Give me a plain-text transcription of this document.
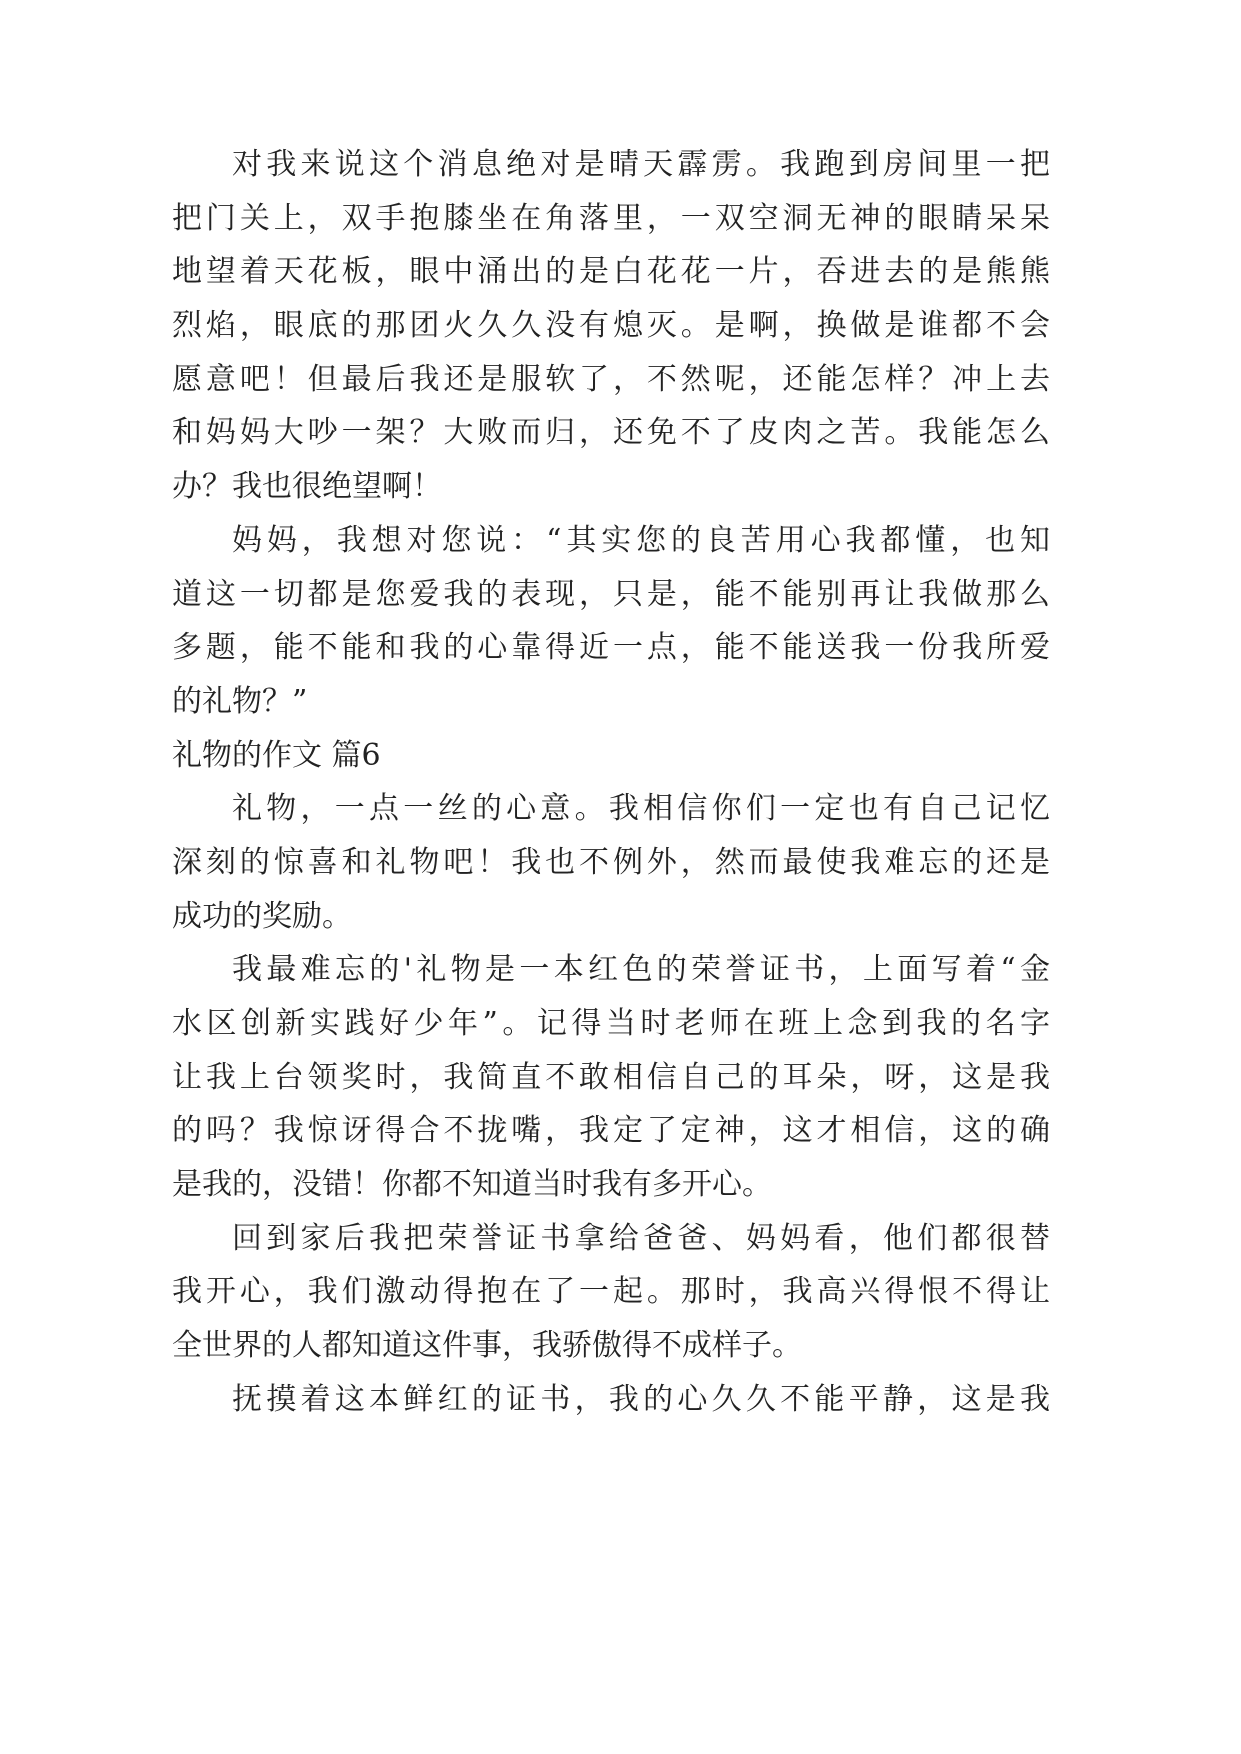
对我来说这个消息绝对是晴天霹雳。我跑到房间里一把
把门关上，双手抱膝坐在角落里，一双空洞无神的眼睛呆呆
地望着天花板，眼中涌出的是白花花一片，吞进去的是熊熊
烈焰，眼底的那团火久久没有熄灭。是啊，换做是谁都不会
愿意吧！但最后我还是服软了，不然呢，还能怎样？冲上去
和妈妈大吵一架？大败而归，还免不了皮肉之苦。我能怎么
办？我也很绝望啊！
妈妈，我想对您说：“其实您的良苦用心我都懂，也知
道这一切都是您爱我的表现，只是，能不能别再让我做那么
多题，能不能和我的心靠得近一点，能不能送我一份我所爱
的礼物？”
礼物的作文 篇6
礼物，一点一丝的心意。我相信你们一定也有自己记忆
深刻的惊喜和礼物吧！我也不例外，然而最使我难忘的还是
成功的奖励。
我最难忘的'礼物是一本红色的荣誉证书，上面写着“金
水区创新实践好少年”。记得当时老师在班上念到我的名字
让我上台领奖时，我简直不敢相信自己的耳朵，呀，这是我
的吗？我惊讶得合不拢嘴，我定了定神，这才相信，这的确
是我的，没错！你都不知道当时我有多开心。
回到家后我把荣誉证书拿给爸爸、妈妈看，他们都很替
我开心，我们激动得抱在了一起。那时，我高兴得恨不得让
全世界的人都知道这件事，我骄傲得不成样子。
抚摸着这本鲜红的证书，我的心久久不能平静，这是我
